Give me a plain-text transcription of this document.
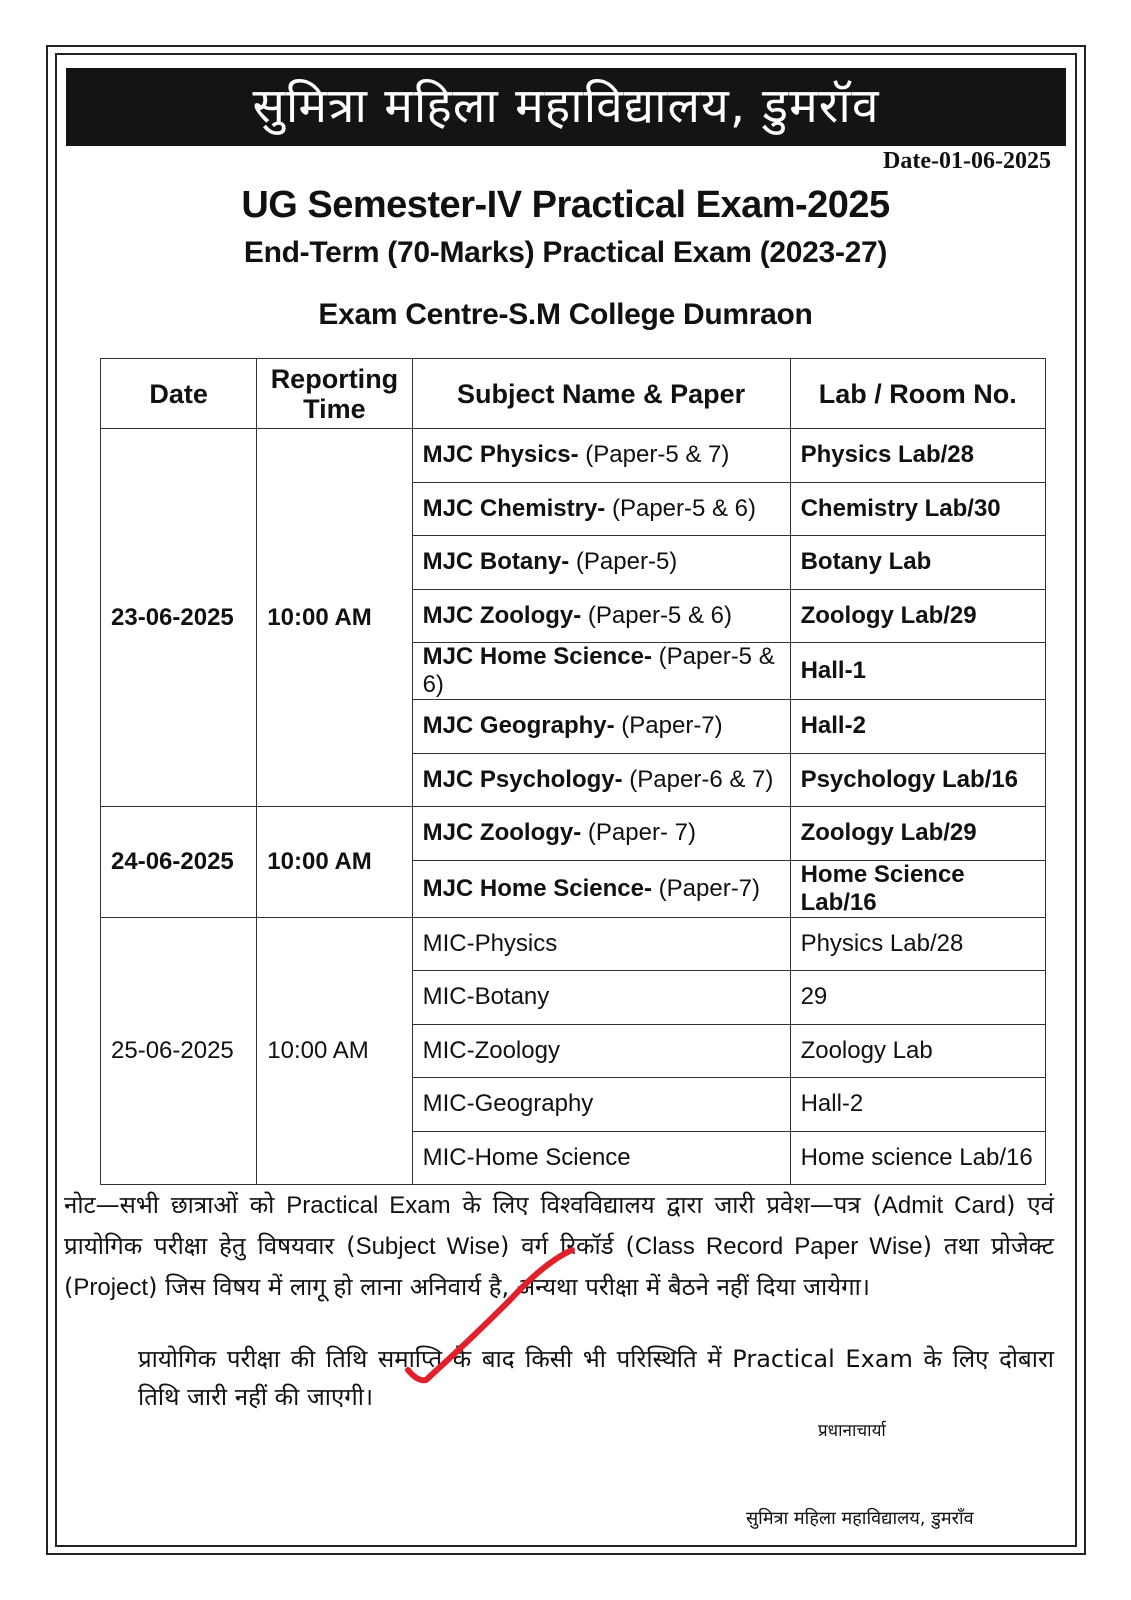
सुमित्रा महिला महाविद्यालय, डुमरॉव
Date-01-06-2025
UG Semester-IV Practical Exam-2025
End-Term (70-Marks) Practical Exam (2023-27)
Exam Centre-S.M College Dumraon
Date	Reporting Time	Subject Name & Paper	Lab / Room No.
23-06-2025	10:00 AM	MJC Physics- (Paper-5 & 7)	Physics Lab/28
		MJC Chemistry- (Paper-5 & 6)	Chemistry Lab/30
		MJC Botany- (Paper-5)	Botany Lab
		MJC Zoology- (Paper-5 & 6)	Zoology Lab/29
		MJC Home Science- (Paper-5 & 6)	Hall-1
		MJC Geography- (Paper-7)	Hall-2
		MJC Psychology- (Paper-6 & 7)	Psychology Lab/16
24-06-2025	10:00 AM	MJC Zoology- (Paper- 7)	Zoology Lab/29
		MJC Home Science- (Paper-7)	Home Science Lab/16
25-06-2025	10:00 AM	MIC-Physics	Physics Lab/28
		MIC-Botany	29
		MIC-Zoology	Zoology Lab
		MIC-Geography	Hall-2
		MIC-Home Science	Home science Lab/16

नोट—सभी छात्राओं को Practical Exam के लिए विश्वविद्यालय द्वारा जारी प्रवेश—पत्र (Admit Card) एवं प्रायोगिक परीक्षा हेतु विषयवार (Subject Wise) वर्ग रिकॉर्ड (Class Record Paper Wise) तथा प्रोजेक्ट (Project) जिस विषय में लागू हो लाना अनिवार्य है, अन्यथा परीक्षा में बैठने नहीं दिया जायेगा।

प्रायोगिक परीक्षा की तिथि समाप्ति के बाद किसी भी परिस्थिति में Practical Exam के लिए दोबारा तिथि जारी नहीं की जाएगी।
प्रधानाचार्या
सुमित्रा महिला महाविद्यालय, डुमराँव
